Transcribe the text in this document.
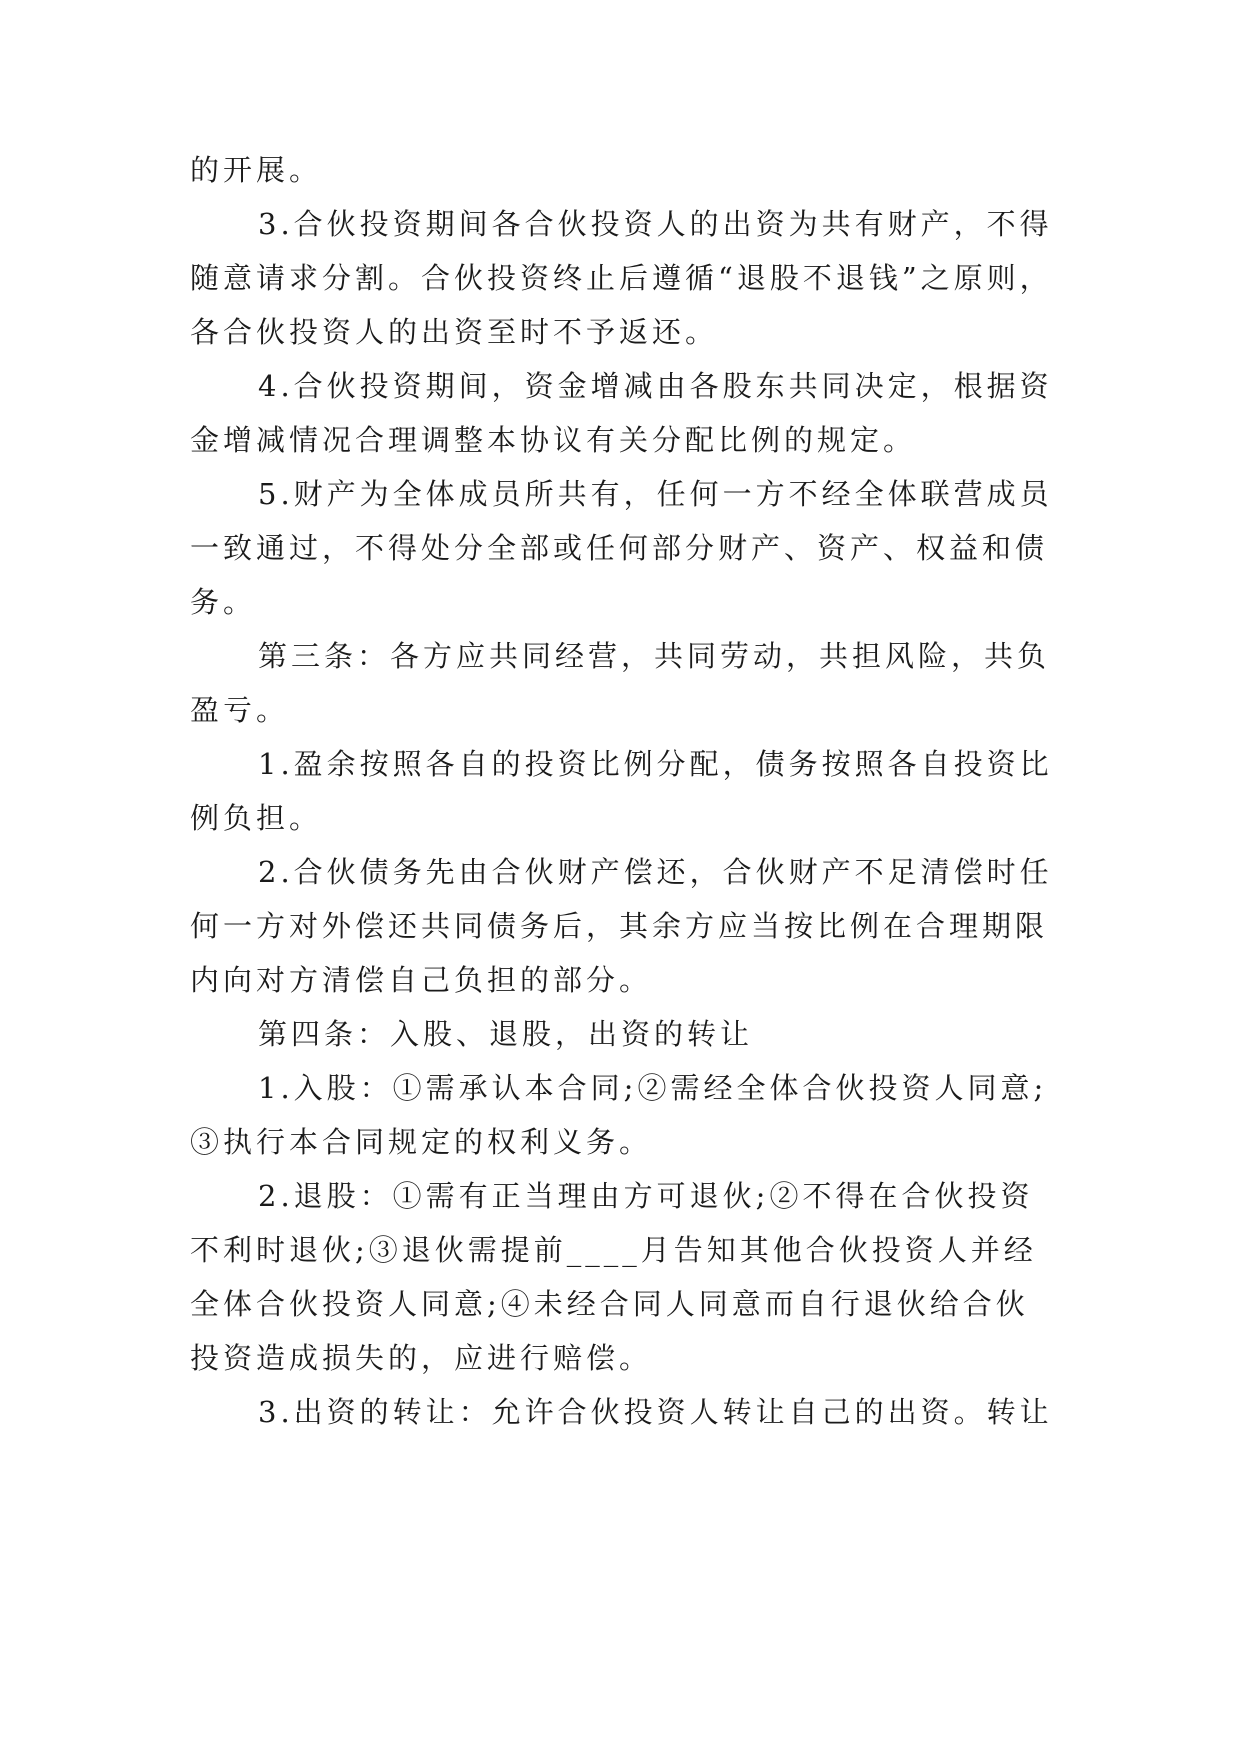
的开展。
3.合伙投资期间各合伙投资人的出资为共有财产，不得
随意请求分割。合伙投资终止后遵循“退股不退钱”之原则，
各合伙投资人的出资至时不予返还。
4.合伙投资期间，资金增减由各股东共同决定，根据资
金增减情况合理调整本协议有关分配比例的规定。
5.财产为全体成员所共有，任何一方不经全体联营成员
一致通过，不得处分全部或任何部分财产、资产、权益和债
务。
第三条：各方应共同经营，共同劳动，共担风险，共负
盈亏。
1.盈余按照各自的投资比例分配，债务按照各自投资比
例负担。
2.合伙债务先由合伙财产偿还，合伙财产不足清偿时任
何一方对外偿还共同债务后，其余方应当按比例在合理期限
内向对方清偿自己负担的部分。
第四条：入股、退股，出资的转让
1.入股：①需承认本合同;②需经全体合伙投资人同意;
③执行本合同规定的权利义务。
2.退股：①需有正当理由方可退伙;②不得在合伙投资
不利时退伙;③退伙需提前____月告知其他合伙投资人并经
全体合伙投资人同意;④未经合同人同意而自行退伙给合伙
投资造成损失的，应进行赔偿。
3.出资的转让：允许合伙投资人转让自己的出资。转让
